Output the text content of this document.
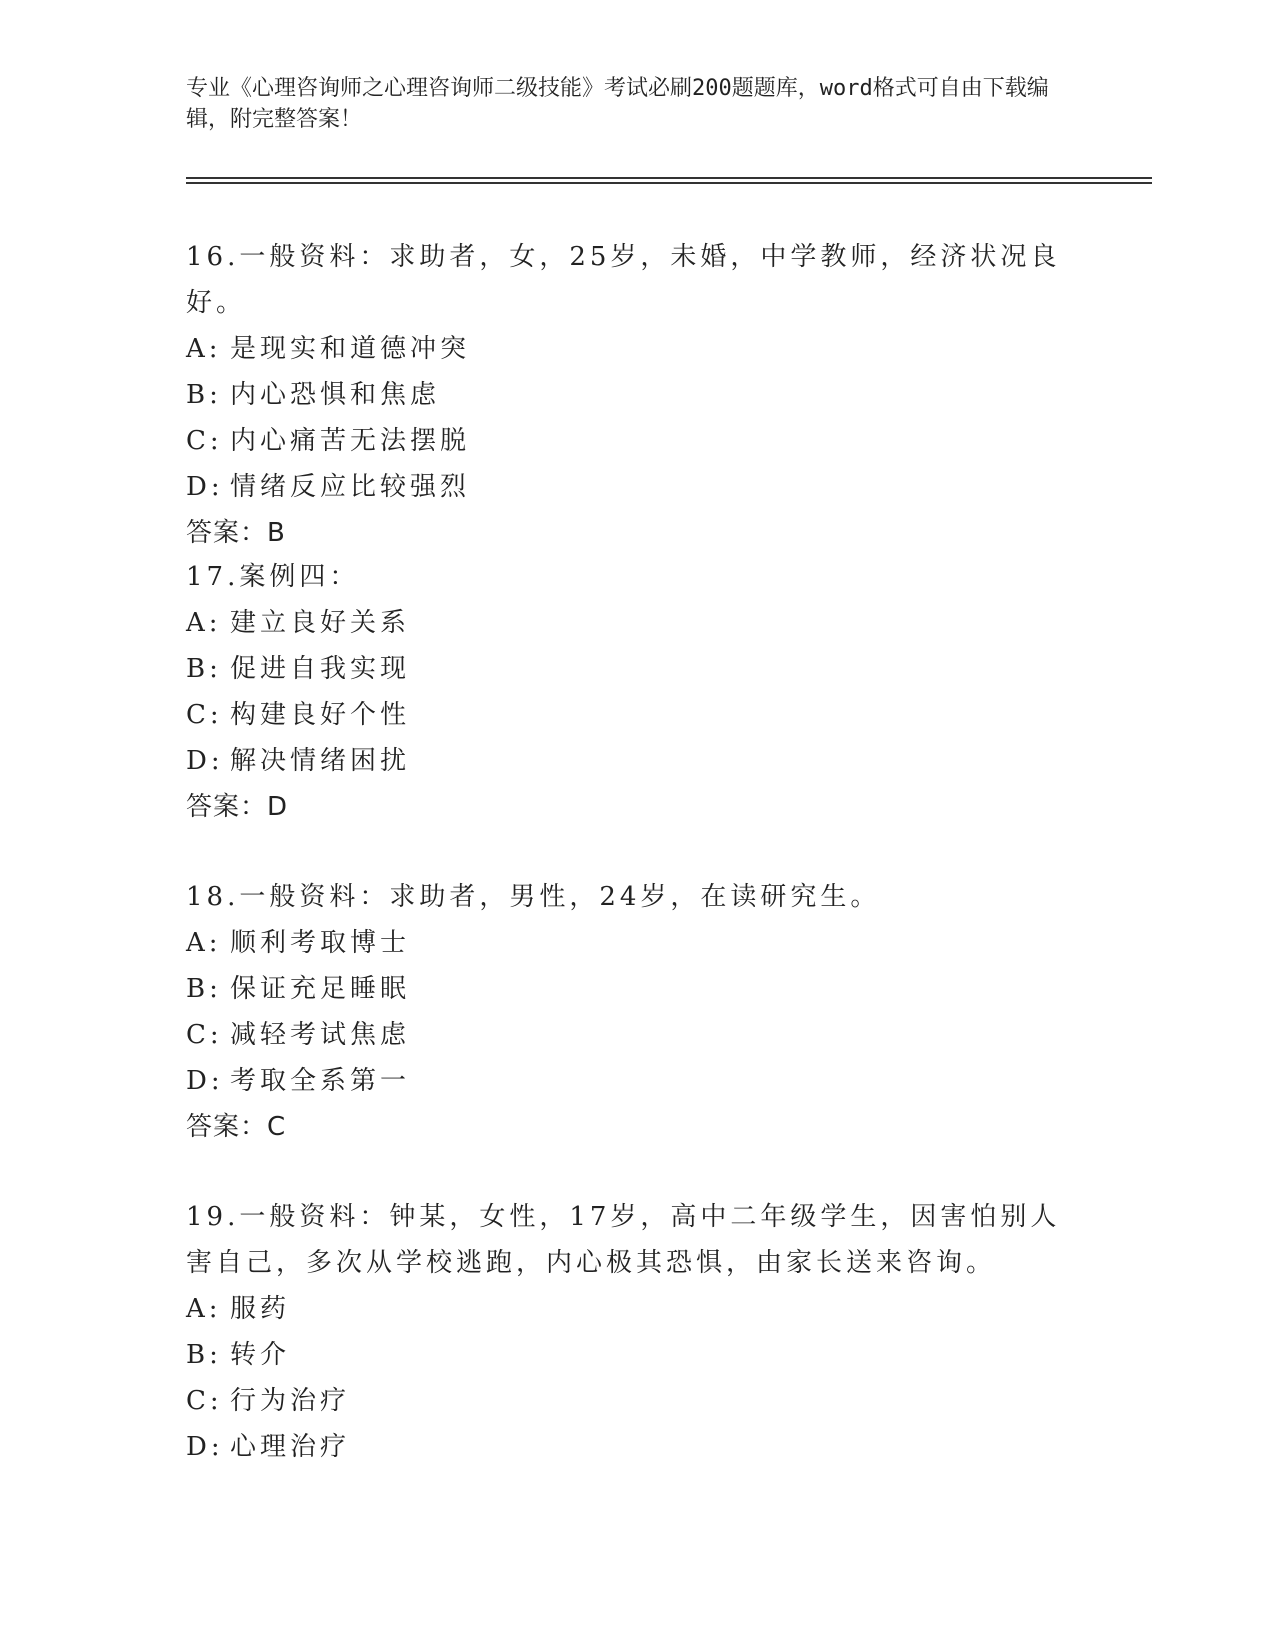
专业《心理咨询师之心理咨询师二级技能》考试必刷200题题库，word格式可自由下载编辑，附完整答案！

16.一般资料：求助者，女，25岁，未婚，中学教师，经济状况良好。

A: 是现实和道德冲突

B: 内心恐惧和焦虑

C: 内心痛苦无法摆脱

D: 情绪反应比较强烈

答案：B

17.案例四：

A: 建立良好关系

B: 促进自我实现

C: 构建良好个性

D: 解决情绪困扰

答案：D

18.一般资料：求助者，男性，24岁，在读研究生。

A: 顺利考取博士

B: 保证充足睡眠

C: 减轻考试焦虑

D: 考取全系第一

答案：C

19.一般资料：钟某，女性，17岁，高中二年级学生，因害怕别人害自己，多次从学校逃跑，内心极其恐惧，由家长送来咨询。

A: 服药

B: 转介

C: 行为治疗

D: 心理治疗
